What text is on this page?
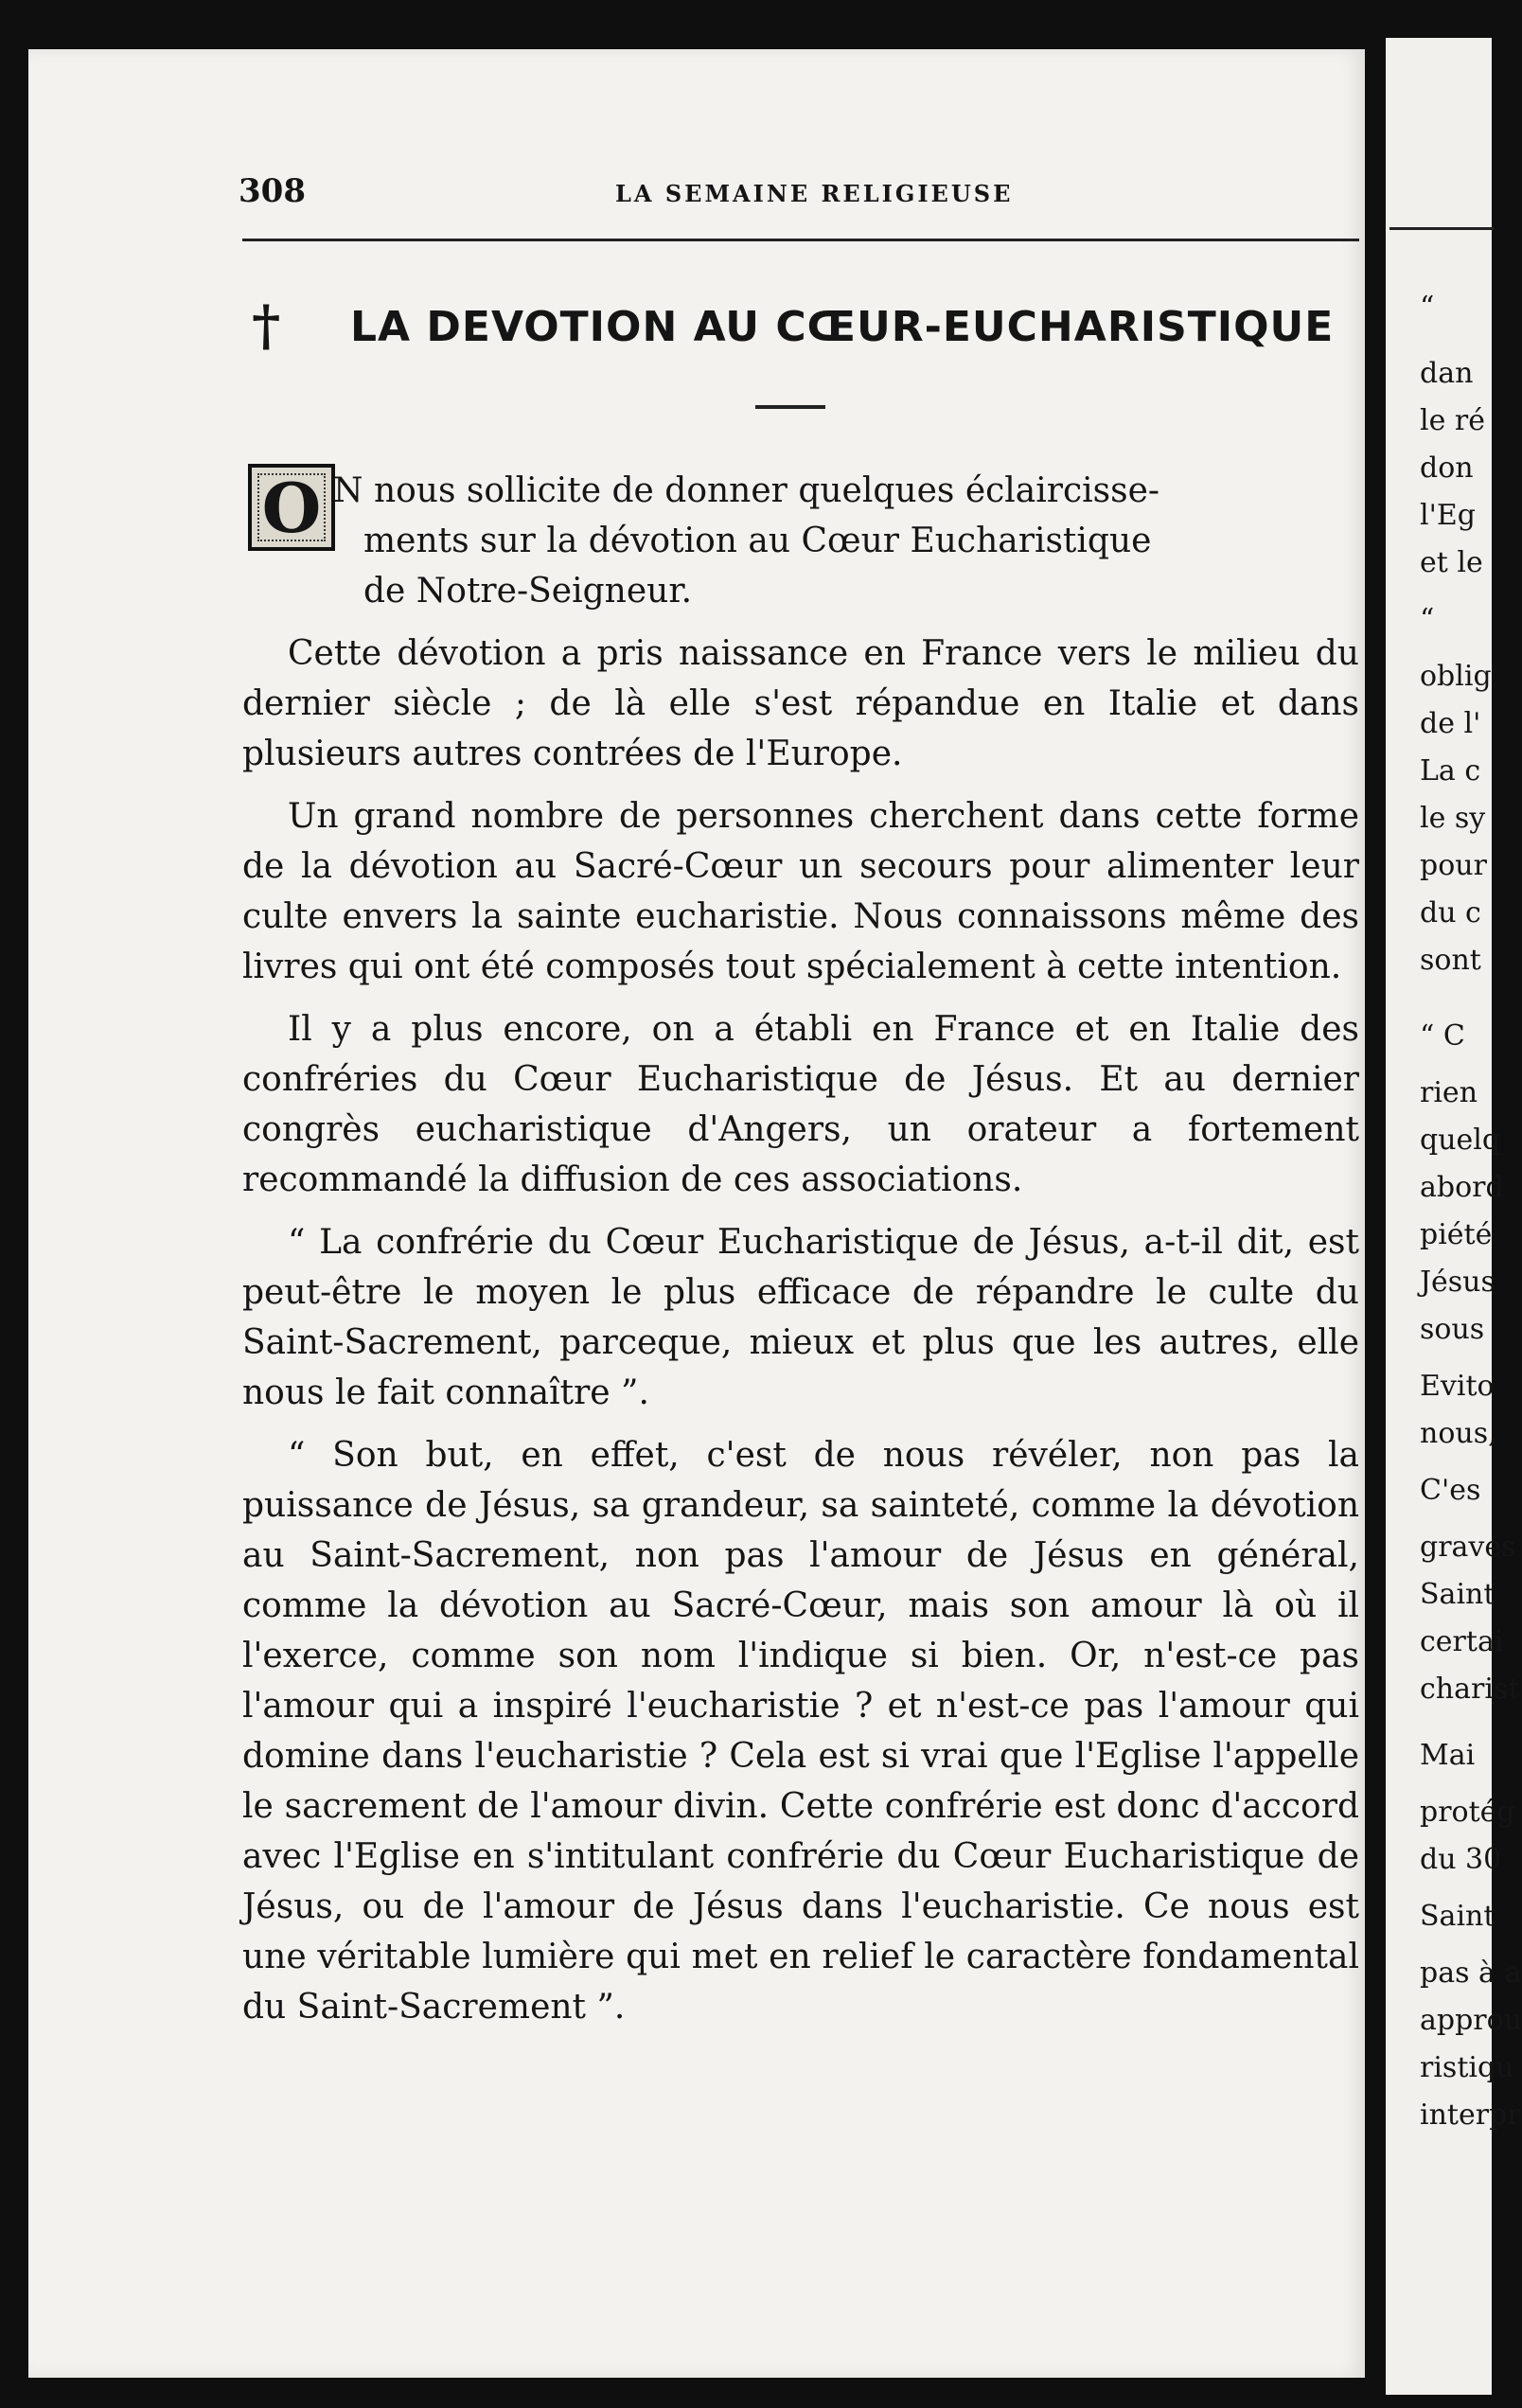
308	LA SEMAINE RELIGIEUSE
† LA DEVOTION AU CŒUR-EUCHARISTIQUE
O N nous sollicite de donner quelques éclaircisse-
ments sur la dévotion au Cœur Eucharistique
de Notre-Seigneur.

Cette dévotion a pris naissance en France vers le milieu du dernier siècle ; de là elle s'est répandue en Italie et dans plusieurs autres contrées de l'Europe.

Un grand nombre de personnes cherchent dans cette forme de la dévotion au Sacré-Cœur un secours pour alimenter leur culte envers la sainte eucharistie. Nous connaissons même des livres qui ont été composés tout spécialement à cette intention.

Il y a plus encore, on a établi en France et en Italie des confréries du Cœur Eucharistique de Jésus. Et au dernier congrès eucharistique d'Angers, un orateur a fortement recommandé la diffusion de ces associations.

“ La confrérie du Cœur Eucharistique de Jésus, a-t-il dit, est peut-être le moyen le plus efficace de répandre le culte du Saint-Sacrement, parceque, mieux et plus que les autres, elle nous le fait connaître ”.

“ Son but, en effet, c'est de nous révéler, non pas la puissance de Jésus, sa grandeur, sa sainteté, comme la dévotion au Saint-Sacrement, non pas l'amour de Jésus en général, comme la dévotion au Sacré-Cœur, mais son amour là où il l'exerce, comme son nom l'indique si bien. Or, n'est-ce pas l'amour qui a inspiré l'eucharistie ? et n'est-ce pas l'amour qui domine dans l'eucharistie ? Cela est si vrai que l'Eglise l'appelle le sacrement de l'amour divin. Cette confrérie est donc d'accord avec l'Eglise en s'intitulant confrérie du Cœur Eucharistique de Jésus, ou de l'amour de Jésus dans l'eucharistie. Ce nous est une véritable lumière qui met en relief le caractère fondamental du Saint-Sacrement ”.

“
dan
le ré
don
l'Eg
et le
“
oblig
de l'
La c
le sy
pour
du c
sont
“ C
rien
quelq
abord
piété
Jésus
sous
Evito
nous,
C'es
graves
Saint
certai
charist
Mai
protég
du 30
Saint
pas à a
approu
ristiqu
interpr
